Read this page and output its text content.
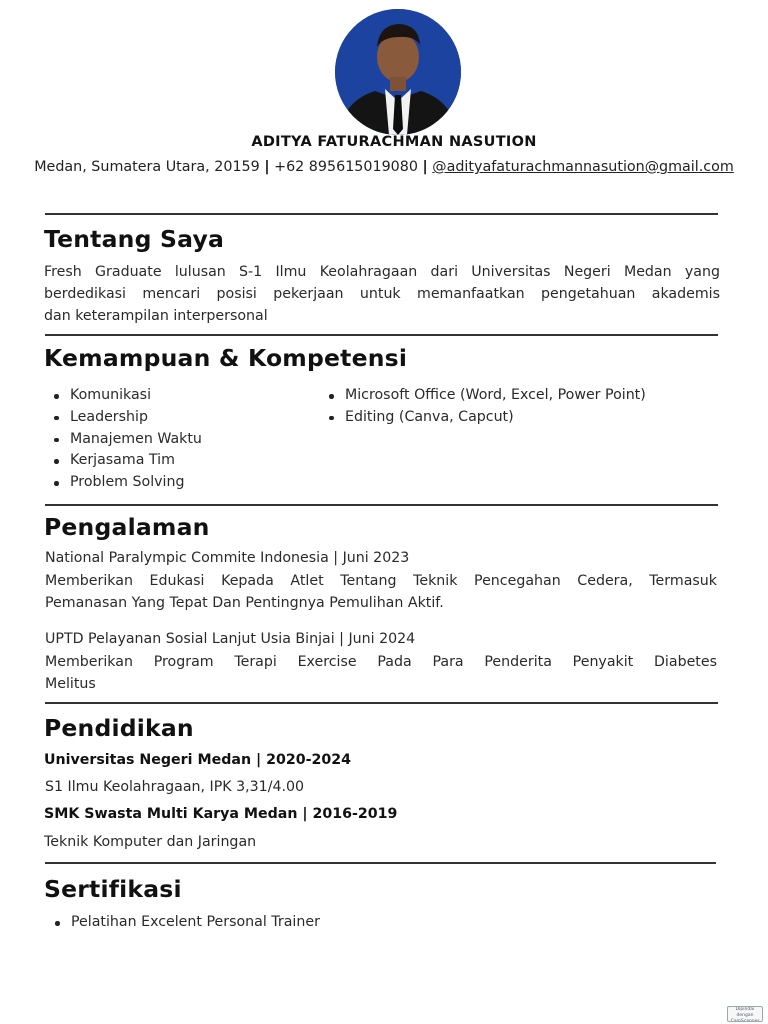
ADITYA FATURACHMAN NASUTION
Medan, Sumatera Utara, 20159 | +62 895615019080 | @adityafaturachmannasution@gmail.com
Tentang Saya
Fresh Graduate lulusan S-1 Ilmu Keolahragaan dari Universitas Negeri Medan yang
berdedikasi mencari posisi pekerjaan untuk memanfaatkan pengetahuan akademis
dan keterampilan interpersonal
Kemampuan & Kompetensi
Komunikasi
Leadership
Manajemen Waktu
Kerjasama Tim
Problem Solving
Microsoft Office (Word, Excel, Power Point)
Editing (Canva, Capcut)
Pengalaman
National Paralympic Commite Indonesia | Juni 2023
Memberikan Edukasi Kepada Atlet Tentang Teknik Pencegahan Cedera, Termasuk
Pemanasan Yang Tepat Dan Pentingnya Pemulihan Aktif.
UPTD Pelayanan Sosial Lanjut Usia Binjai | Juni 2024
Memberikan Program Terapi Exercise Pada Para Penderita Penyakit Diabetes
Melitus
Pendidikan
Universitas Negeri Medan | 2020-2024
S1 Ilmu Keolahragaan, IPK 3,31/4.00
SMK Swasta Multi Karya Medan | 2016-2019
Teknik Komputer dan Jaringan
Sertifikasi
Pelatihan Excelent Personal Trainer
Dipindai dengan
CamScanner
